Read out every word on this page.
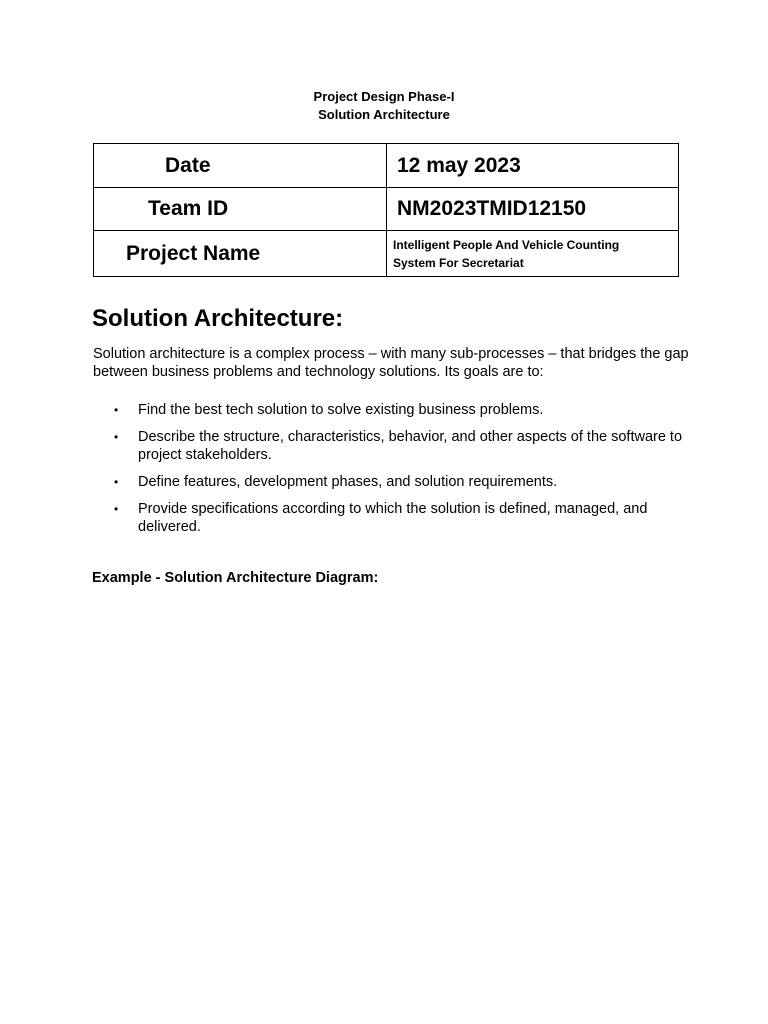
Project Design Phase-I
Solution Architecture
Date	12 may 2023
Team ID	NM2023TMID12150
Project Name	Intelligent People And Vehicle Counting System For Secretariat
Solution Architecture:

Solution architecture is a complex process – with many sub-processes – that bridges the gap between business problems and technology solutions. Its goals are to:

• Find the best tech solution to solve existing business problems.
• Describe the structure, characteristics, behavior, and other aspects of the software to project stakeholders.
• Define features, development phases, and solution requirements.
• Provide specifications according to which the solution is defined, managed, and delivered.

Example - Solution Architecture Diagram:
